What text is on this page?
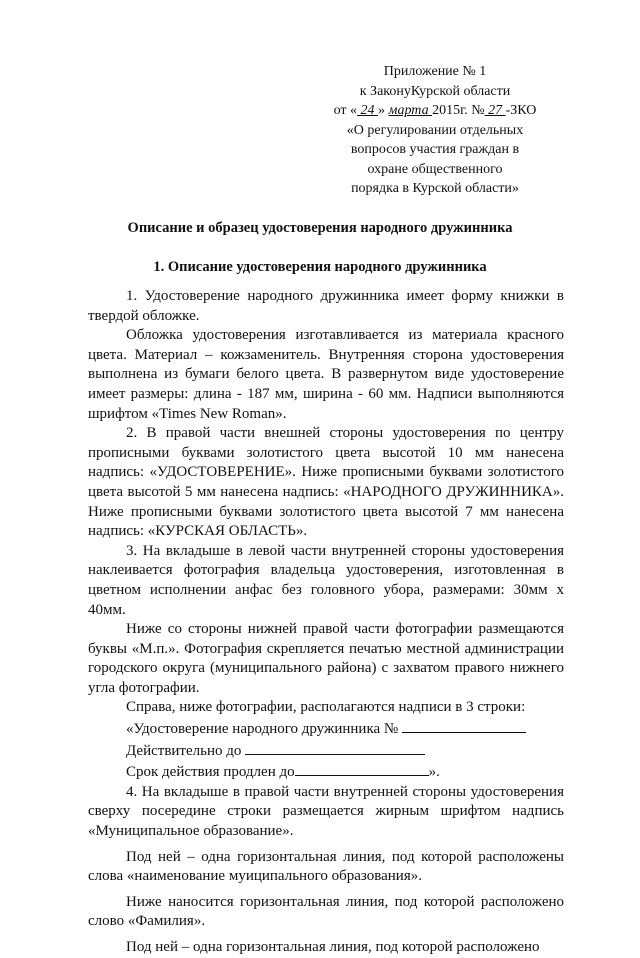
Приложение № 1
к ЗаконуКурской области
от « 24 » марта 2015г. № 27 -ЗКО
«О регулировании отдельных
вопросов участия граждан в
охране общественного
порядка в Курской области»
Описание и образец удостоверения народного дружинника
1. Описание удостоверения народного дружинника

1. Удостоверение народного дружинника имеет форму книжки в твердой обложке.

Обложка удостоверения изготавливается из материала красного цвета. Материал – кожзаменитель. Внутренняя сторона удостоверения выполнена из бумаги белого цвета. В развернутом виде удостоверение имеет размеры: длина - 187 мм, ширина - 60 мм. Надписи выполняются шрифтом «Times New Roman».

2. В правой части внешней стороны удостоверения по центру прописными буквами золотистого цвета высотой 10 мм нанесена надпись: «УДОСТОВЕРЕНИЕ». Ниже прописными буквами золотистого цвета высотой 5 мм нанесена надпись: «НАРОДНОГО ДРУЖИННИКА». Ниже прописными буквами золотистого цвета высотой 7 мм нанесена надпись: «КУРСКАЯ ОБЛАСТЬ».

3. На вкладыше в левой части внутренней стороны удостоверения наклеивается фотография владельца удостоверения, изготовленная в цветном исполнении анфас без головного убора, размерами: 30мм х 40мм.

Ниже со стороны нижней правой части фотографии размещаются буквы «М.п.». Фотография скрепляется печатью местной администрации городского округа (муниципального района) с захватом правого нижнего угла фотографии.

Справа, ниже фотографии, располагаются надписи в 3 строки:

«Удостоверение народного дружинника №

Действительно до

Срок действия продлен до	».

4. На вкладыше в правой части внутренней стороны удостоверения сверху посередине строки размещается жирным шрифтом надпись «Муниципальное образование».

Под ней – одна горизонтальная линия, под которой расположены слова «наименование муиципального образования».

Ниже наносится горизонтальная линия, под которой расположено слово «Фамилия».

Под ней – одна горизонтальная линия, под которой расположено
